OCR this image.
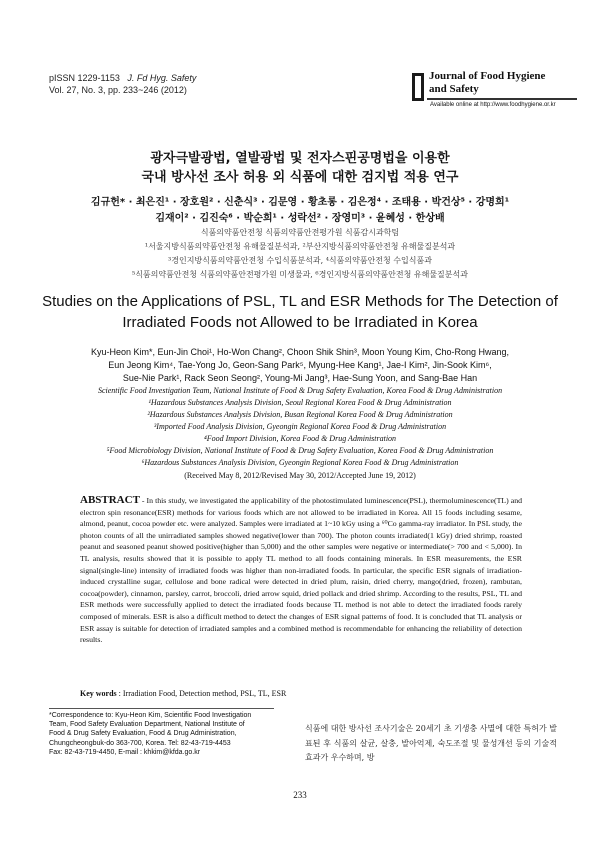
pISSN 1229-1153 J. Fd Hyg. Safety
Vol. 27, No. 3, pp. 233~246 (2012)
Journal of Food Hygiene
and Safety
Available online at http://www.foodhygiene.or.kr
광자극발광법, 열발광법 및 전자스핀공명법을 이용한
국내 방사선 조사 허용 외 식품에 대한 검지법 적용 연구
김규헌* · 최은진¹ · 장호원² · 신춘식³ · 김문영 · 황초롱 · 김은정⁴ · 조태용 · 박건상⁵ · 강명희¹
김재이² · 김진숙⁶ · 박순희¹ · 성락선² · 장영미³ · 윤혜성 · 한상배
식품의약품안전청 식품의약품안전평가원 식품감시과학팀
¹서울지방식품의약품안전청 유해물질분석과, ²부산지방식품의약품안전청 유해물질분석과
³경인지방식품의약품안전청 수입식품분석과, ⁴식품의약품안전청 수입식품과
⁵식품의약품안전청 식품의약품안전평가원 미생물과, ⁶경인지방식품의약품안전청 유해물질분석과
Studies on the Applications of PSL, TL and ESR Methods for The Detection of
Irradiated Foods not Allowed to be Irradiated in Korea
Kyu-Heon Kim*, Eun-Jin Choi¹, Ho-Won Chang², Choon Shik Shin³, Moon Young Kim, Cho-Rong Hwang,
Eun Jeong Kim⁴, Tae-Yong Jo, Geon-Sang Park⁵, Myung-Hee Kang¹, Jae-I Kim², Jin-Sook Kim⁶,
Sue-Nie Park¹, Rack Seon Seong², Young-Mi Jang³, Hae-Sung Yoon, and Sang-Bae Han
Scientific Food Investigation Team, National Institute of Food & Drug Safety Evaluation, Korea Food & Drug Administration
¹Hazardous Substances Analysis Division, Seoul Regional Korea Food & Drug Administration
²Hazardous Substances Analysis Division, Busan Regional Korea Food & Drug Administration
³Imported Food Analysis Division, Gyeongin Regional Korea Food & Drug Administration
⁴Food Import Division, Korea Food & Drug Administration
⁵Food Microbiology Division, National Institute of Food & Drug Safety Evaluation, Korea Food & Drug Administration
⁶Hazardous Substances Analysis Division, Gyeongin Regional Korea Food & Drug Administration
(Received May 8, 2012/Revised May 30, 2012/Accepted June 19, 2012)
ABSTRACT - In this study, we investigated the applicability of the photostimulated luminescence(PSL), thermoluminescence(TL) and electron spin resonance(ESR) methods for various foods which are not allowed to be irradiated in Korea. All 15 foods including sesame, almond, peanut, cocoa powder etc. were analyzed. Samples were irradiated at 1~10 kGy using a ⁶⁰Co gamma-ray irradiator. In PSL study, the photon counts of all the unirradiated samples showed negative(lower than 700). The photon counts irradiated(1 kGy) dried shrimp, roasted peanut and seasoned peanut showed positive(higher than 5,000) and the other samples were negative or intermediate(> 700 and < 5,000). In TL analysis, results showed that it is possible to apply TL method to all foods containing minerals. In ESR measurements, the ESR signal(single-line) intensity of irradiated foods was higher than non-irradiated foods. In particular, the specific ESR signals of irradiation-induced crystalline sugar, cellulose and bone radical were detected in dried plum, raisin, dried cherry, mango(dried, frozen), rambutan, cocoa(powder), cinnamon, parsley, carrot, broccoli, dried arrow squid, dried pollack and dried shrimp. According to the results, PSL, TL and ESR methods were successfully applied to detect the irradiated foods because TL method is not able to detect the irradiated foods rarely composed of minerals. ESR is also a difficult method to detect the changes of ESR signal patterns of food. It is concluded that TL analysis or ESR assay is suitable for detection of irradiated samples and a combined method is recommendable for enhancing the reliability of detection results.
Key words : Irradiation Food, Detection method, PSL, TL, ESR
*Correspondence to: Kyu-Heon Kim, Scientific Food Investigation
Team, Food Safety Evaluation Department, National Institute of
Food & Drug Safety Evaluation, Food & Drug Administration,
Chungcheongbuk-do 363-700, Korea. Tel: 82-43-719-4453
Fax: 82-43-719-4450, E-mail : khkim@kfda.go.kr
식품에 대한 방사선 조사기술은 20세기 초 기생충 사멸에 대한 특허가 발표된 후 식품의 살균, 살충, 발아억제, 숙도조절 및 물성개선 등의 기술적 효과가 우수하며, 방
233
